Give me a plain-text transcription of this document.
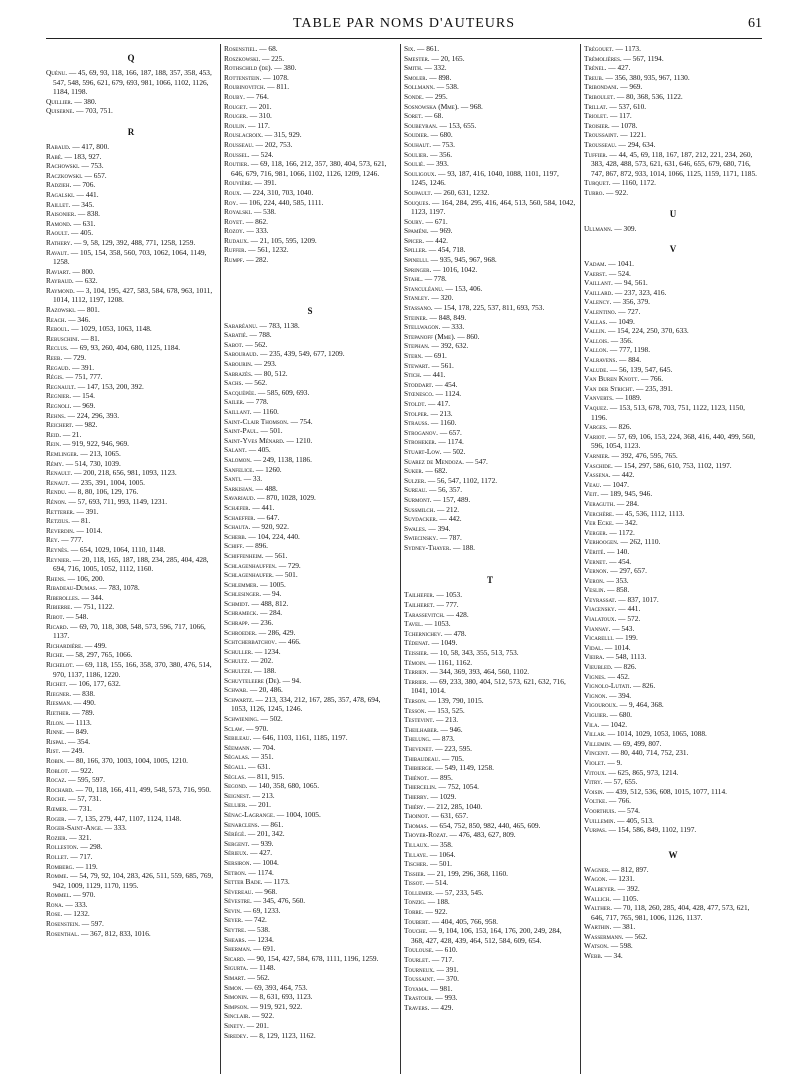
TABLE PAR NOMS D'AUTEURS	61
Q
Quénu. — 45, 69, 93, 118, 166, 187, 188, 357, 358, 453, 547, 548, 596, 621, 679, 693, 981, 1066, 1102, 1126, 1184, 1198.
Quillier. — 380.
Quiserne. — 703, 751.
R
Rabaud. — 417, 800.
Rabé. — 183, 927.
Rachowski. — 753.
Raczkowski. — 657.
Radzieh. — 706.
Ragalski. — 441.
Raillet. — 345.
Raisonier. — 838.
Ramond. — 631.
Raoult. — 405.
Rathery. — 9, 58, 129, 392, 488, 771, 1258, 1259.
Ravaut. — 105, 154, 358, 560, 703, 1062, 1064, 1149, 1258.
Raviart. — 800.
Raybaud. — 632.
Raymond. — 3, 104, 195, 427, 583, 584, 678, 963, 1011, 1014, 1112, 1197, 1208.
Razowski. — 801.
Reach. — 346.
Reboul. — 1029, 1053, 1063, 1148.
Rebuschini. — 81.
Reclus. — 69, 93, 260, 404, 680, 1125, 1184.
Reeb. — 729.
Regaud. — 391.
Régis. — 751, 777.
Regnault. — 147, 153, 200, 392.
Regnier. — 154.
Regnoli. — 969.
Rehns. — 224, 296, 393.
Reichert. — 982.
Reid. — 21.
Rein. — 919, 922, 946, 969.
Remlinger. — 213, 1065.
Rémy. — 514, 730, 1039.
Renault. — 200, 218, 656, 981, 1093, 1123.
Renaut. — 235, 391, 1004, 1005.
Rendu. — 8, 80, 106, 129, 176.
Rénon. — 57, 693, 711, 993, 1149, 1231.
Retterer. — 391.
Retzius. — 81.
Reverdin. — 1014.
Rey. — 777.
Reynès. — 654, 1029, 1064, 1110, 1148.
Reynier. — 20, 118, 165, 187, 188, 234, 285, 404, 428, 694, 716, 1005, 1052, 1112, 1160.
Rhens. — 106, 200.
Ribadeau-Dumas. — 783, 1078.
Riberolles. — 344.
Ribierre. — 751, 1122.
Ribot. — 548.
Ricard. — 69, 70, 118, 308, 548, 573, 596, 717, 1066, 1137.
Richardière. — 499.
Riche. — 58, 297, 765, 1066.
Richelot. — 69, 118, 155, 166, 358, 370, 380, 476, 514, 970, 1137, 1186, 1220.
Richet. — 106, 177, 632.
Riegner. — 838.
Riesman. — 490.
Riether. — 789.
Rilon. — 1113.
Rinne. — 849.
Rispal. — 354.
Rist. — 249.
Robin. — 80, 166, 370, 1003, 1004, 1005, 1210.
Roblot. — 922.
Rocaz. — 595, 597.
Rochard. — 70, 118, 166, 411, 499, 548, 573, 716, 950.
Roche. — 57, 731.
Rœmer. — 731.
Roger. — 7, 135, 279, 447, 1107, 1124, 1148.
Roger-Saint-Ange. — 333.
Rozier. — 321.
Rolleston. — 298.
Rollet. — 717.
Romberg. — 119.
Romme. — 54, 79, 92, 104, 283, 426, 511, 559, 685, 769, 942, 1009, 1129, 1170, 1195.
Rommel. — 970.
Rona. — 333.
Rose. — 1232.
Rosenstein. — 597.
Rosenthal. — 367, 812, 833, 1016.
Rosenstiel. — 68.
Roszkowski. — 225.
Rothschild (de). — 380.
Rottenstein. — 1078.
Roubinovitch. — 811.
Rouby. — 764.
Rouget. — 201.
Rouger. — 310.
Roulin. — 117.
Rouslacroix. — 315, 929.
Rousseau. — 202, 753.
Roussel. — 524.
Routier. — 69, 118, 166, 212, 357, 380, 404, 573, 621, 646, 679, 716, 981, 1066, 1102, 1126, 1209, 1246.
Rouvière. — 391.
Roux. — 224, 310, 703, 1040.
Roy. — 106, 224, 440, 585, 1111.
Royalski. — 538.
Royet. — 862.
Rozoy. — 333.
Rudaux. — 21, 105, 595, 1209.
Ruffer. — 561, 1232.
Rumpf. — 282.
S
Sabaréanu. — 783, 1138.
Sabatié. — 788.
Sabot. — 562.
Sabouraud. — 235, 439, 549, 677, 1209.
Sabourin. — 293.
Sabrazès. — 80, 512.
Sachs. — 562.
Sacquépée. — 585, 609, 693.
Sailer. — 778.
Saillant. — 1160.
Saint-Clair Thomson. — 754.
Saint-Paul. — 501.
Saint-Yves Ménard. — 1210.
Salant. — 405.
Salomon. — 249, 1138, 1186.
Sanfelice. — 1260.
Santi. — 33.
Sarkisian. — 488.
Savariaud. — 870, 1028, 1029.
Schæfer. — 441.
Schaeffer. — 647.
Schauta. — 920, 922.
Scherb. — 104, 224, 440.
Schiff. — 896.
Schiffenheim. — 561.
Schlagenhauffen. — 729.
Schlagenhaufer. — 501.
Schlemmer. — 1005.
Schlesinger. — 94.
Schmidt. — 488, 812.
Schrameck. — 284.
Schrapp. — 236.
Schroeder. — 286, 429.
Schtcherbatchov. — 466.
Schuller. — 1234.
Schultz. — 202.
Schultze. — 188.
Schuyteleere (De). — 94.
Schwab. — 20, 486.
Schwartz. — 213, 334, 212, 167, 285, 357, 478, 694, 1053, 1126, 1245, 1246.
Schwiening. — 502.
Sclaw. — 970.
Sebileau. — 646, 1103, 1161, 1185, 1197.
Séemann. — 704.
Ségalas. — 351.
Ségall. — 631.
Séglas. — 811, 915.
Segond. — 140, 358, 680, 1065.
Seignest. — 213.
Sellier. — 201.
Sénac-Lagrange. — 1004, 1005.
Senarclens. — 861.
Sérégé. — 201, 342.
Sergent. — 939.
Sérieux. — 427.
Sersiron. — 1004.
Setbon. — 1174.
Setter Bade. — 1173.
Sévereau. — 968.
Sévestre. — 345, 476, 560.
Sevin. — 69, 1233.
Seyer. — 742.
Seytre. — 538.
Shears. — 1234.
Sherman. — 691.
Sicard. — 90, 154, 427, 584, 678, 1111, 1196, 1259.
Sigurta. — 1148.
Simart. — 562.
Simon. — 69, 393, 464, 753.
Simonin. — 8, 631, 693, 1123.
Simpson. — 919, 921, 922.
Sinclair. — 922.
Sinety. — 201.
Siredey. — 8, 129, 1123, 1162.
Six. — 861.
Smester. — 20, 165.
Smith. — 332.
Smoler. — 898.
Sollmann. — 538.
Sonde. — 295.
Sosnowska (Mme). — 968.
Soret. — 68.
Soubeyran. — 153, 655.
Soudier. — 680.
Souhaut. — 753.
Soulier. — 356.
Soulié. — 393.
Souligoux. — 93, 187, 416, 1040, 1088, 1101, 1197, 1245, 1246.
Soupault. — 260, 631, 1232.
Souques. — 164, 284, 295, 416, 464, 513, 560, 584, 1042, 1123, 1197.
Soury. — 671.
Spaméni. — 969.
Spicer. — 442.
Spiller. — 454, 718.
Spinelli. — 935, 945, 967, 968.
Springer. — 1016, 1042.
Stahl. — 778.
Stanculéanu. — 153, 406.
Stanley. — 320.
Stassano. — 154, 178, 225, 537, 811, 693, 753.
Steiner. — 848, 849.
Stellwagon. — 333.
Stepanoff (Mme). — 860.
Stephan. — 392, 632.
Stern. — 691.
Stewart. — 561.
Stich. — 441.
Stoddart. — 454.
Stœnesco. — 1124.
Stoldt. — 417.
Stolper. — 213.
Strauss. — 1160.
Stroganov. — 657.
Stroheker. — 1174.
Stuart-Low. — 502.
Suarez de Mendoza. — 547.
Suker. — 682.
Sulzer. — 56, 547, 1102, 1172.
Sureau. — 56, 357.
Surmont. — 157, 489.
Sussmilch. — 212.
Suydacker. — 442.
Swales. — 394.
Swiecinsky. — 787.
Sydney-Thayer. — 188.
T
Tailhefer. — 1053.
Tailheret. — 777.
Tarassevitch. — 428.
Tavel. — 1053.
Tchernichev. — 478.
Tédenat. — 1049.
Teissier. — 10, 58, 343, 355, 513, 753.
Témoin. — 1161, 1162.
Terrien. — 344, 369, 393, 464, 560, 1102.
Terrier. — 69, 233, 380, 404, 512, 573, 621, 632, 716, 1041, 1014.
Terson. — 139, 790, 1015.
Tesson. — 153, 525.
Testevint. — 213.
Theilhaber. — 946.
Thelung. — 873.
Thevenet. — 223, 595.
Thibaudeau. — 705.
Thibierge. — 549, 1149, 1258.
Thiénot. — 895.
Thiercelin. — 752, 1054.
Thierry. — 1029.
Thiéry. — 212, 285, 1040.
Thoinot. — 631, 657.
Thomas. — 654, 752, 850, 982, 440, 465, 609.
Thoyer-Rozat. — 476, 483, 627, 809.
Tillaux. — 358.
Tillaye. — 1064.
Tischer. — 501.
Tissier. — 21, 199, 296, 368, 1160.
Tissot. — 514.
Tollemer. — 57, 233, 545.
Tonzig. — 188.
Torre. — 922.
Toubert. — 404, 405, 766, 958.
Touche. — 9, 104, 106, 153, 164, 176, 200, 249, 284, 368, 427, 428, 439, 464, 512, 584, 609, 654.
Toulouse. — 610.
Tourlet. — 717.
Tourneux. — 391.
Toussaint. — 370.
Toyama. — 981.
Trastour. — 993.
Travers. — 429.
Trégouet. — 1173.
Trémolières. — 567, 1194.
Trénel. — 427.
Treub. — 356, 380, 935, 967, 1130.
Tribondani. — 969.
Triboulet. — 80, 368, 536, 1122.
Trillat. — 537, 610.
Triolet. — 117.
Troisier. — 1078.
Troussaint. — 1221.
Trousseau. — 294, 634.
Tuffier. — 44, 45, 69, 118, 167, 187, 212, 221, 234, 260, 383, 428, 488, 573, 621, 631, 646, 655, 679, 680, 716, 747, 867, 872, 933, 1014, 1066, 1125, 1159, 1171, 1185.
Turquet. — 1160, 1172.
Turro. — 922.
U
Ullmann. — 309.
V
Vadam. — 1041.
Vaerst. — 524.
Vaillant. — 94, 561.
Vaillard. — 237, 323, 416.
Valency. — 356, 379.
Valentino. — 727.
Vallas. — 1049.
Vallin. — 154, 224, 250, 370, 633.
Vallois. — 356.
Vallon. — 777, 1198.
Valravens. — 884.
Valude. — 56, 139, 547, 645.
Van Buren Knott. — 766.
Van der Stricht. — 235, 391.
Vanverts. — 1089.
Vaquez. — 153, 513, 678, 703, 751, 1122, 1123, 1150, 1196.
Varges. — 826.
Variot. — 57, 69, 106, 153, 224, 368, 416, 440, 499, 560, 596, 1054, 1123.
Varnier. — 392, 476, 595, 765.
Vaschide. — 154, 297, 586, 610, 753, 1102, 1197.
Vassena. — 442.
Veau. — 1047.
Veit. — 189, 945, 946.
Veraguth. — 284.
Verchère. — 45, 536, 1112, 1113.
Ver Ecke. — 342.
Verger. — 1172.
Verhoogen. — 262, 1110.
Vérité. — 140.
Vernet. — 454.
Vernon. — 297, 657.
Veron. — 353.
Veslin. — 858.
Veyrassat. — 837, 1017.
Viacensky. — 441.
Vialatoux. — 572.
Viannay. — 543.
Vicarelli. — 199.
Vidal. — 1014.
Vieira. — 548, 1113.
Vieubled. — 826.
Vignes. — 452.
Vignolo-Lutati. — 826.
Vignon. — 394.
Vigouroux. — 9, 464, 368.
Viguier. — 680.
Vila. — 1042.
Villar. — 1014, 1029, 1053, 1065, 1088.
Villemin. — 69, 499, 807.
Vincent. — 80, 440, 714, 752, 231.
Violet. — 9.
Vitoux. — 625, 865, 973, 1214.
Vitry. — 57, 655.
Voisin. — 439, 512, 536, 608, 1015, 1077, 1114.
Voltke. — 766.
Voorthuis. — 574.
Vuillemin. — 405, 513.
Vurpas. — 154, 586, 849, 1102, 1197.
W
Wagner. — 812, 897.
Wagon. — 1231.
Walbeyer. — 392.
Wallich. — 1105.
Walther. — 70, 118, 260, 285, 404, 428, 477, 573, 621, 646, 717, 765, 981, 1006, 1126, 1137.
Warthin. — 381.
Wassermann. — 562.
Watson. — 598.
Webb. — 34.
